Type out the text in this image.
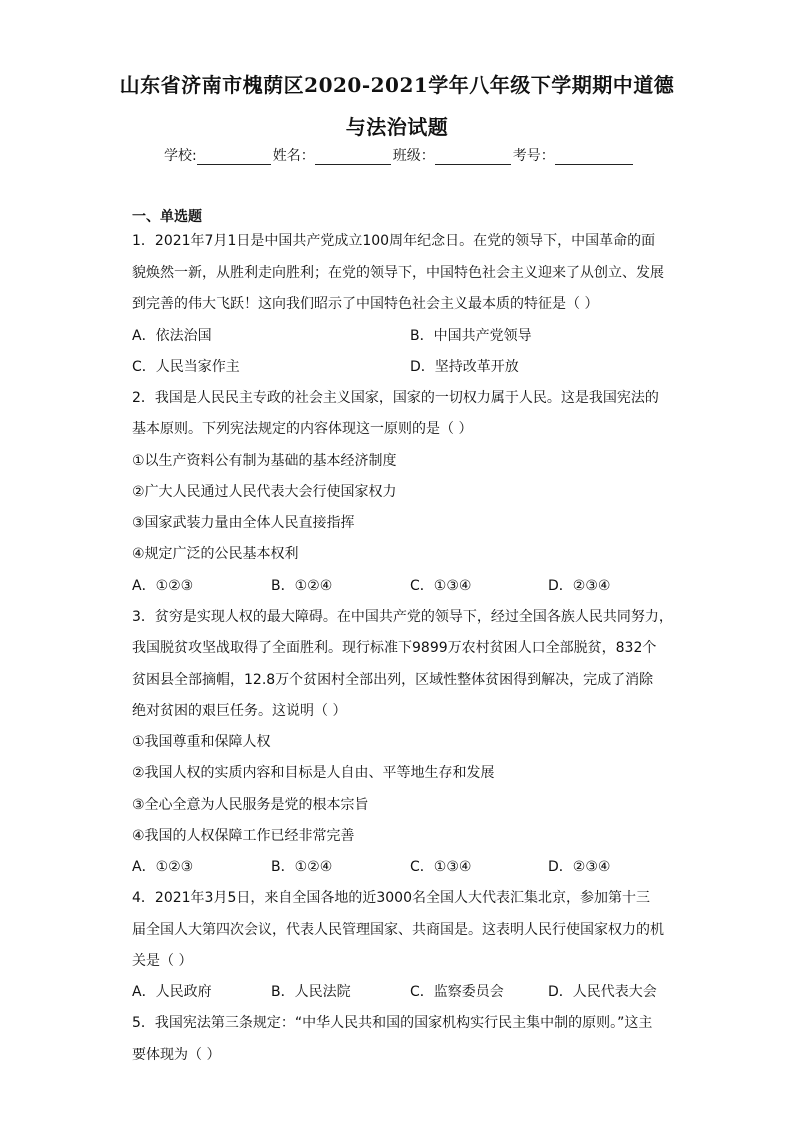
山东省济南市槐荫区2020-2021学年八年级下学期期中道德
与法治试题
学校:	姓名：	班级：	考号：
一、单选题
1．2021年7月1日是中国共产党成立100周年纪念日。在党的领导下，中国革命的面
貌焕然一新，从胜利走向胜利；在党的领导下，中国特色社会主义迎来了从创立、发展
到完善的伟大飞跃！这向我们昭示了中国特色社会主义最本质的特征是（ ）
A．依法治国	B．中国共产党领导
C．人民当家作主	D．坚持改革开放
2．我国是人民民主专政的社会主义国家，国家的一切权力属于人民。这是我国宪法的
基本原则。下列宪法规定的内容体现这一原则的是（ ）
①以生产资料公有制为基础的基本经济制度
②广大人民通过人民代表大会行使国家权力
③国家武装力量由全体人民直接指挥
④规定广泛的公民基本权利
A．①②③	B．①②④	C．①③④	D．②③④
3．贫穷是实现人权的最大障碍。在中国共产党的领导下，经过全国各族人民共同努力，
我国脱贫攻坚战取得了全面胜利。现行标准下9899万农村贫困人口全部脱贫，832个
贫困县全部摘帽，12.8万个贫困村全部出列，区域性整体贫困得到解决，完成了消除
绝对贫困的艰巨任务。这说明（ ）
①我国尊重和保障人权
②我国人权的实质内容和目标是人自由、平等地生存和发展
③全心全意为人民服务是党的根本宗旨
④我国的人权保障工作已经非常完善
A．①②③	B．①②④	C．①③④	D．②③④
4．2021年3月5日，来自全国各地的近3000名全国人大代表汇集北京，参加第十三
届全国人大第四次会议，代表人民管理国家、共商国是。这表明人民行使国家权力的机
关是（ ）
A．人民政府	B．人民法院	C．监察委员会	D．人民代表大会
5．我国宪法第三条规定：“中华人民共和国的国家机构实行民主集中制的原则。”这主
要体现为（ ）
